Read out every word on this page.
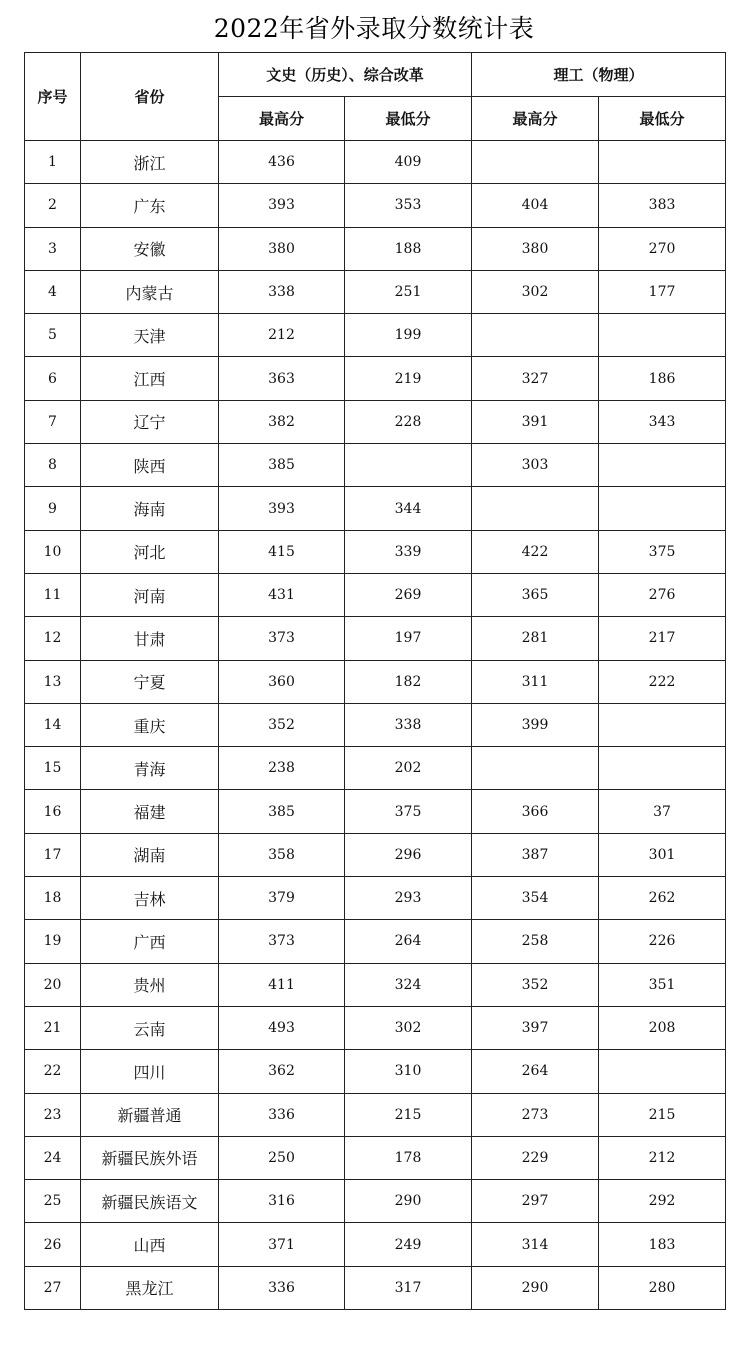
2022年省外录取分数统计表
序号	省份	文史（历史）、综合改革		理工（物理）	
		最高分	最低分	最高分	最低分
1	浙江	436	409		
2	广东	393	353	404	383
3	安徽	380	188	380	270
4	内蒙古	338	251	302	177
5	天津	212	199		
6	江西	363	219	327	186
7	辽宁	382	228	391	343
8	陕西	385		303	
9	海南	393	344		
10	河北	415	339	422	375
11	河南	431	269	365	276
12	甘肃	373	197	281	217
13	宁夏	360	182	311	222
14	重庆	352	338	399	
15	青海	238	202		
16	福建	385	375	366	37
17	湖南	358	296	387	301
18	吉林	379	293	354	262
19	广西	373	264	258	226
20	贵州	411	324	352	351
21	云南	493	302	397	208
22	四川	362	310	264	
23	新疆普通	336	215	273	215
24	新疆民族外语	250	178	229	212
25	新疆民族语文	316	290	297	292
26	山西	371	249	314	183
27	黑龙江	336	317	290	280
